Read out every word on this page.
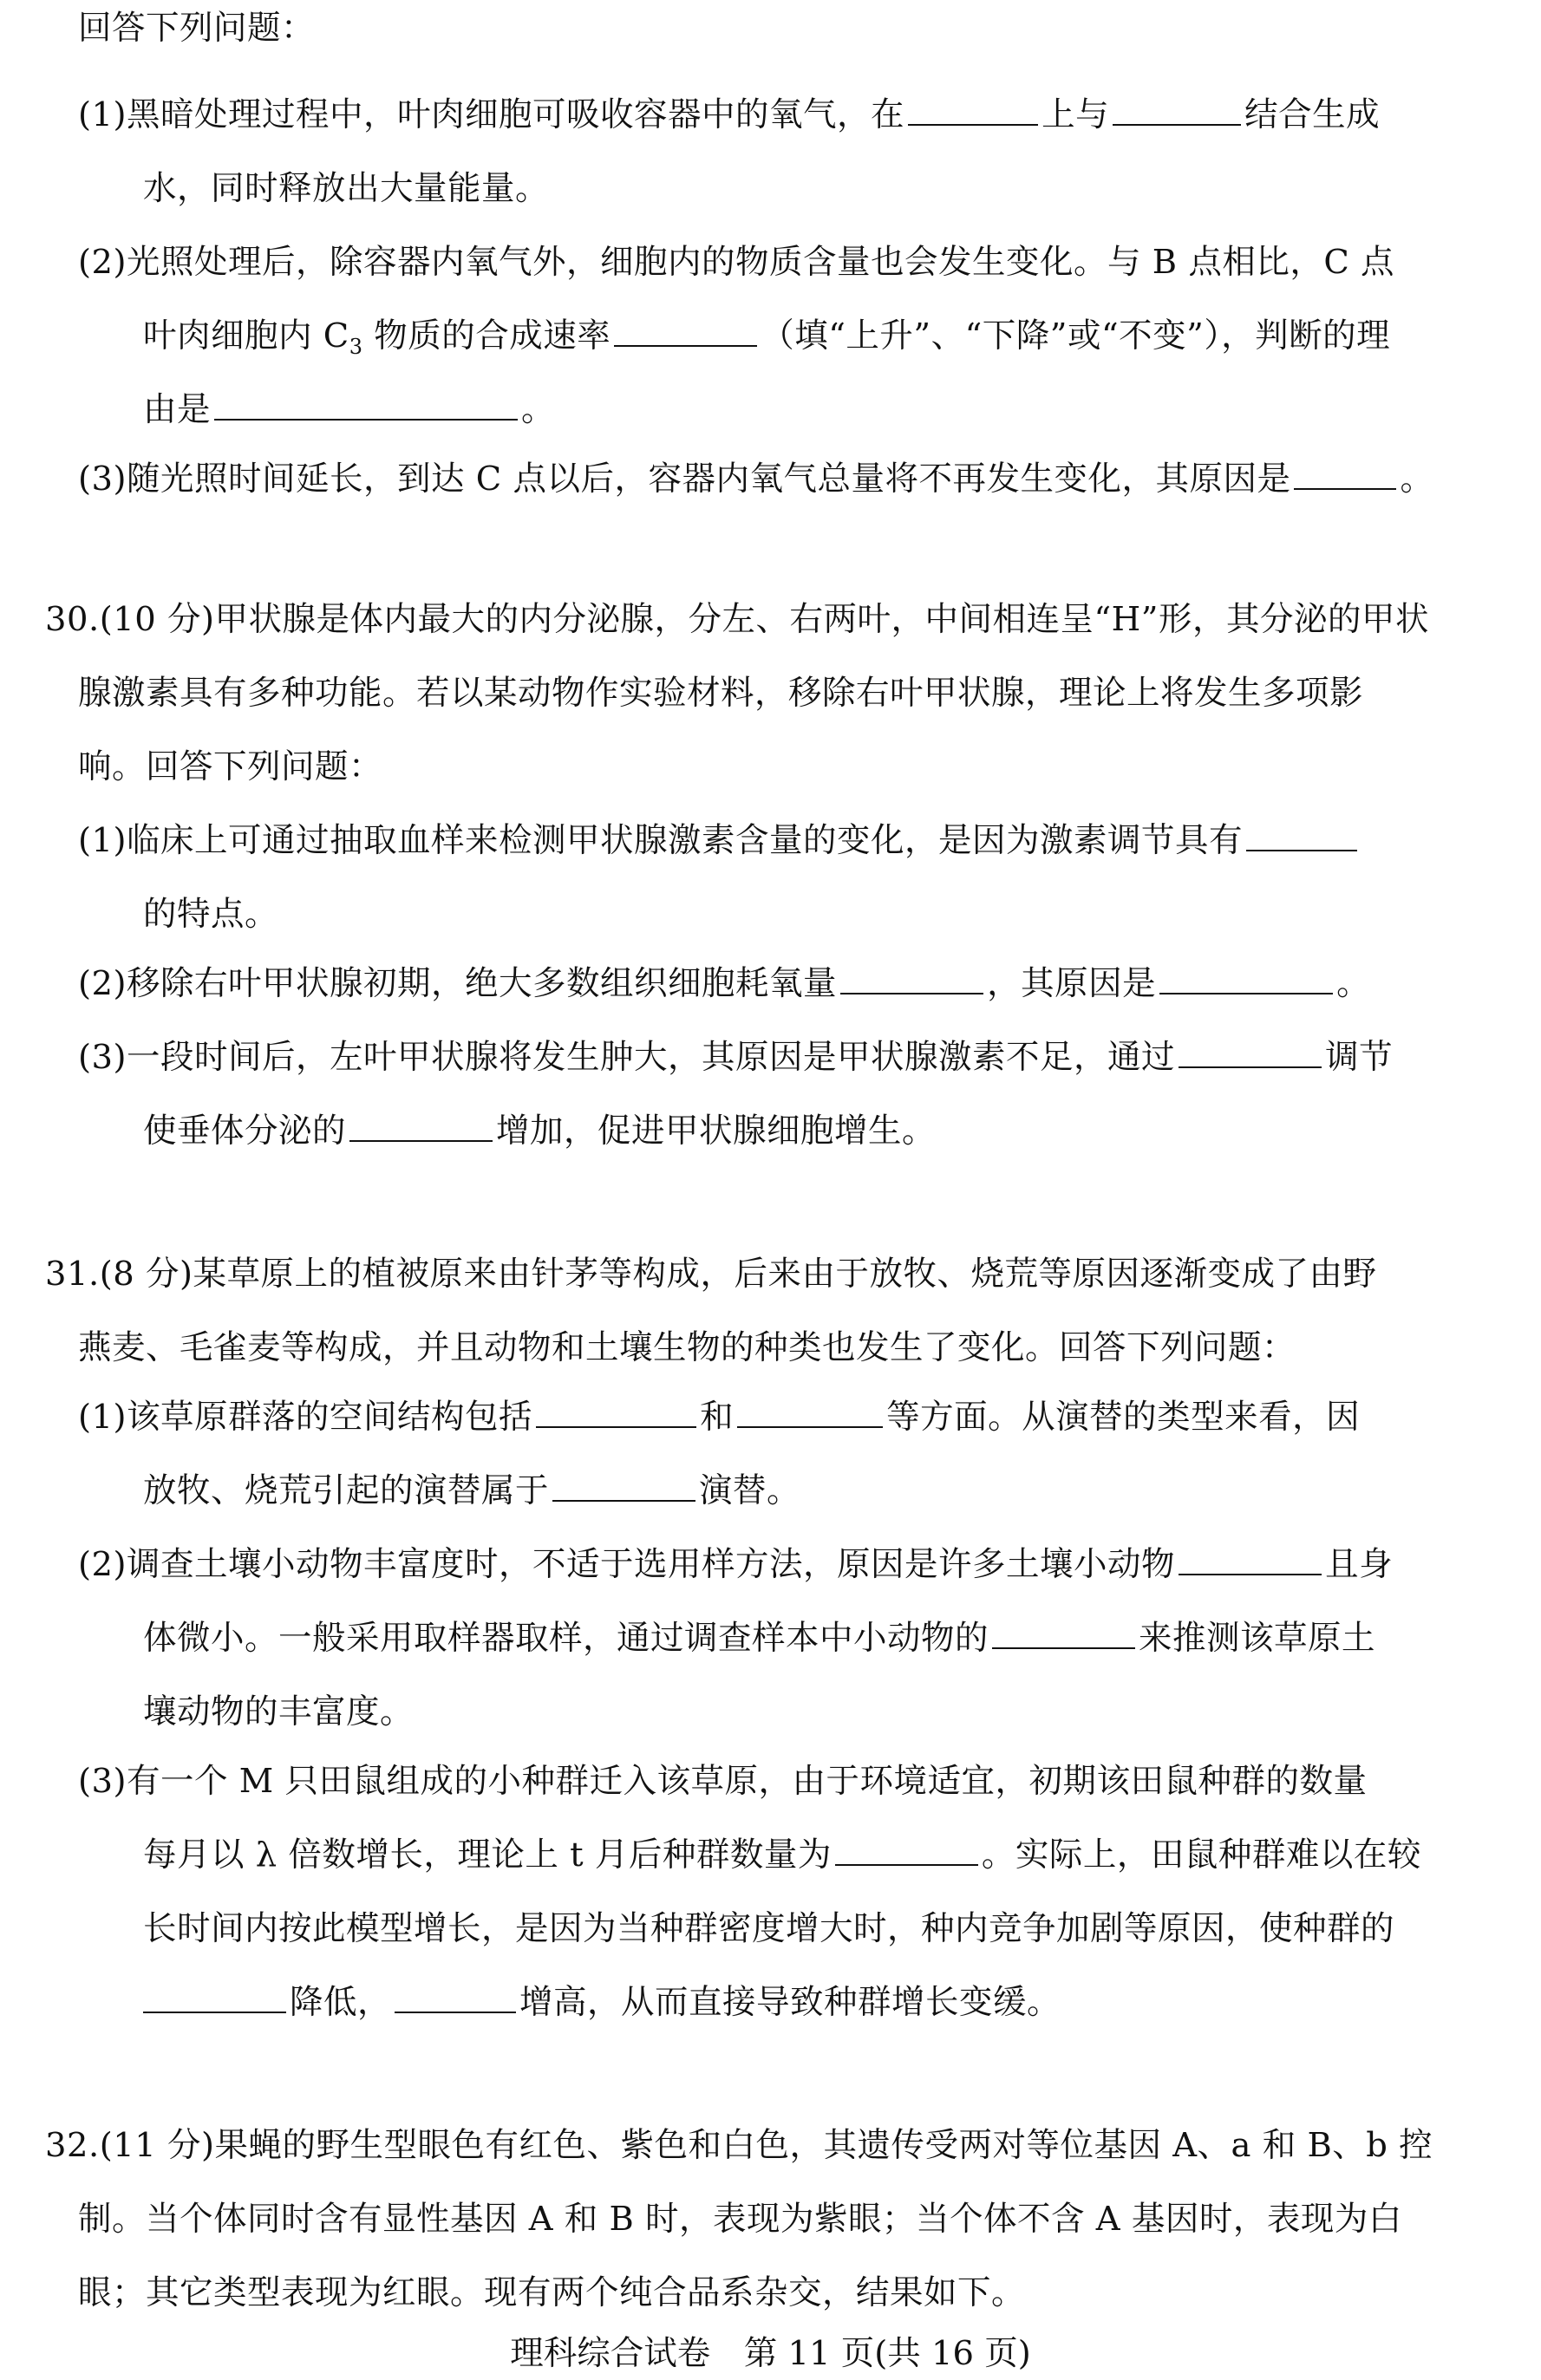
回答下列问题：
(1)黑暗处理过程中，叶肉细胞可吸收容器中的氧气，在	上与	结合生成
水，同时释放出大量能量。
(2)光照处理后，除容器内氧气外，细胞内的物质含量也会发生变化。与 B 点相比，C 点
叶肉细胞内 $C_3$ 物质的合成速率	（填“上升”、“下降”或“不变”），判断的理
由是	。
(3)随光照时间延长，到达 C 点以后，容器内氧气总量将不再发生变化，其原因是	。
30.(10 分)甲状腺是体内最大的内分泌腺，分左、右两叶，中间相连呈“H”形，其分泌的甲状
腺激素具有多种功能。若以某动物作实验材料，移除右叶甲状腺，理论上将发生多项影
响。回答下列问题：
(1)临床上可通过抽取血样来检测甲状腺激素含量的变化，是因为激素调节具有
的特点。
(2)移除右叶甲状腺初期，绝大多数组织细胞耗氧量	，其原因是	。
(3)一段时间后，左叶甲状腺将发生肿大，其原因是甲状腺激素不足，通过	调节
使垂体分泌的	增加，促进甲状腺细胞增生。
31.(8 分)某草原上的植被原来由针茅等构成，后来由于放牧、烧荒等原因逐渐变成了由野
燕麦、毛雀麦等构成，并且动物和土壤生物的种类也发生了变化。回答下列问题：
(1)该草原群落的空间结构包括	和	等方面。从演替的类型来看，因
放牧、烧荒引起的演替属于	演替。
(2)调查土壤小动物丰富度时，不适于选用样方法，原因是许多土壤小动物	且身
体微小。一般采用取样器取样，通过调查样本中小动物的	来推测该草原土
壤动物的丰富度。
(3)有一个 M 只田鼠组成的小种群迁入该草原，由于环境适宜，初期该田鼠种群的数量
每月以 λ 倍数增长，理论上 t 月后种群数量为	。实际上，田鼠种群难以在较
长时间内按此模型增长，是因为当种群密度增大时，种内竞争加剧等原因，使种群的
降低，	增高，从而直接导致种群增长变缓。
32.(11 分)果蝇的野生型眼色有红色、紫色和白色，其遗传受两对等位基因 A、a 和 B、b 控
制。当个体同时含有显性基因 A 和 B 时，表现为紫眼；当个体不含 A 基因时，表现为白
眼；其它类型表现为红眼。现有两个纯合品系杂交，结果如下。
理科综合试卷　第 11 页(共 16 页)
